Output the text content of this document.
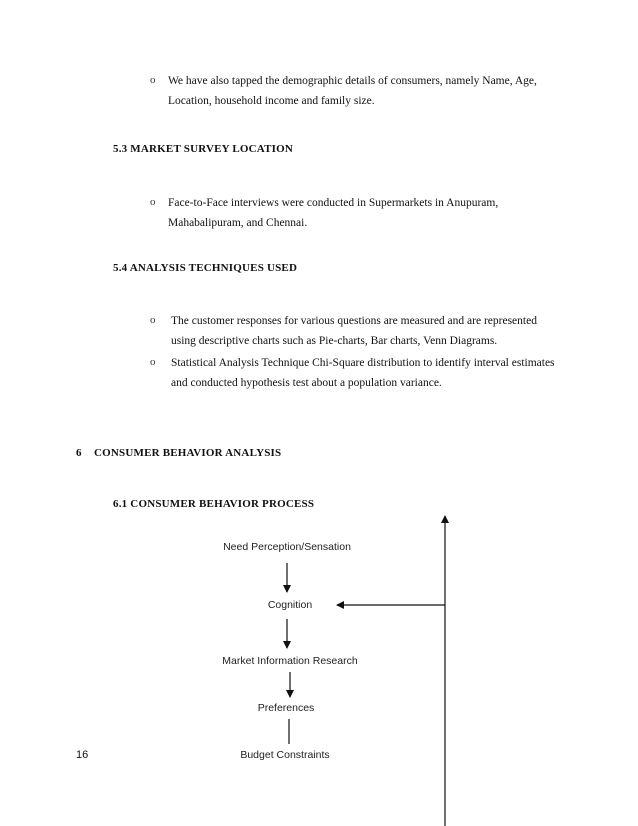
o We have also tapped the demographic details of consumers, namely Name, Age,
Location, household income and family size.
5.3 MARKET SURVEY LOCATION
o Face-to-Face interviews were conducted in Supermarkets in Anupuram,
Mahabalipuram, and Chennai.
5.4 ANALYSIS TECHNIQUES USED
o The customer responses for various questions are measured and are represented
using descriptive charts such as Pie-charts, Bar charts, Venn Diagrams.
o Statistical Analysis Technique Chi-Square distribution to identify interval estimates
and conducted hypothesis test about a population variance.
6 CONSUMER BEHAVIOR ANALYSIS
6.1 CONSUMER BEHAVIOR PROCESS
Need Perception/Sensation
Cognition
Market Information Research
Preferences
Budget Constraints
16
